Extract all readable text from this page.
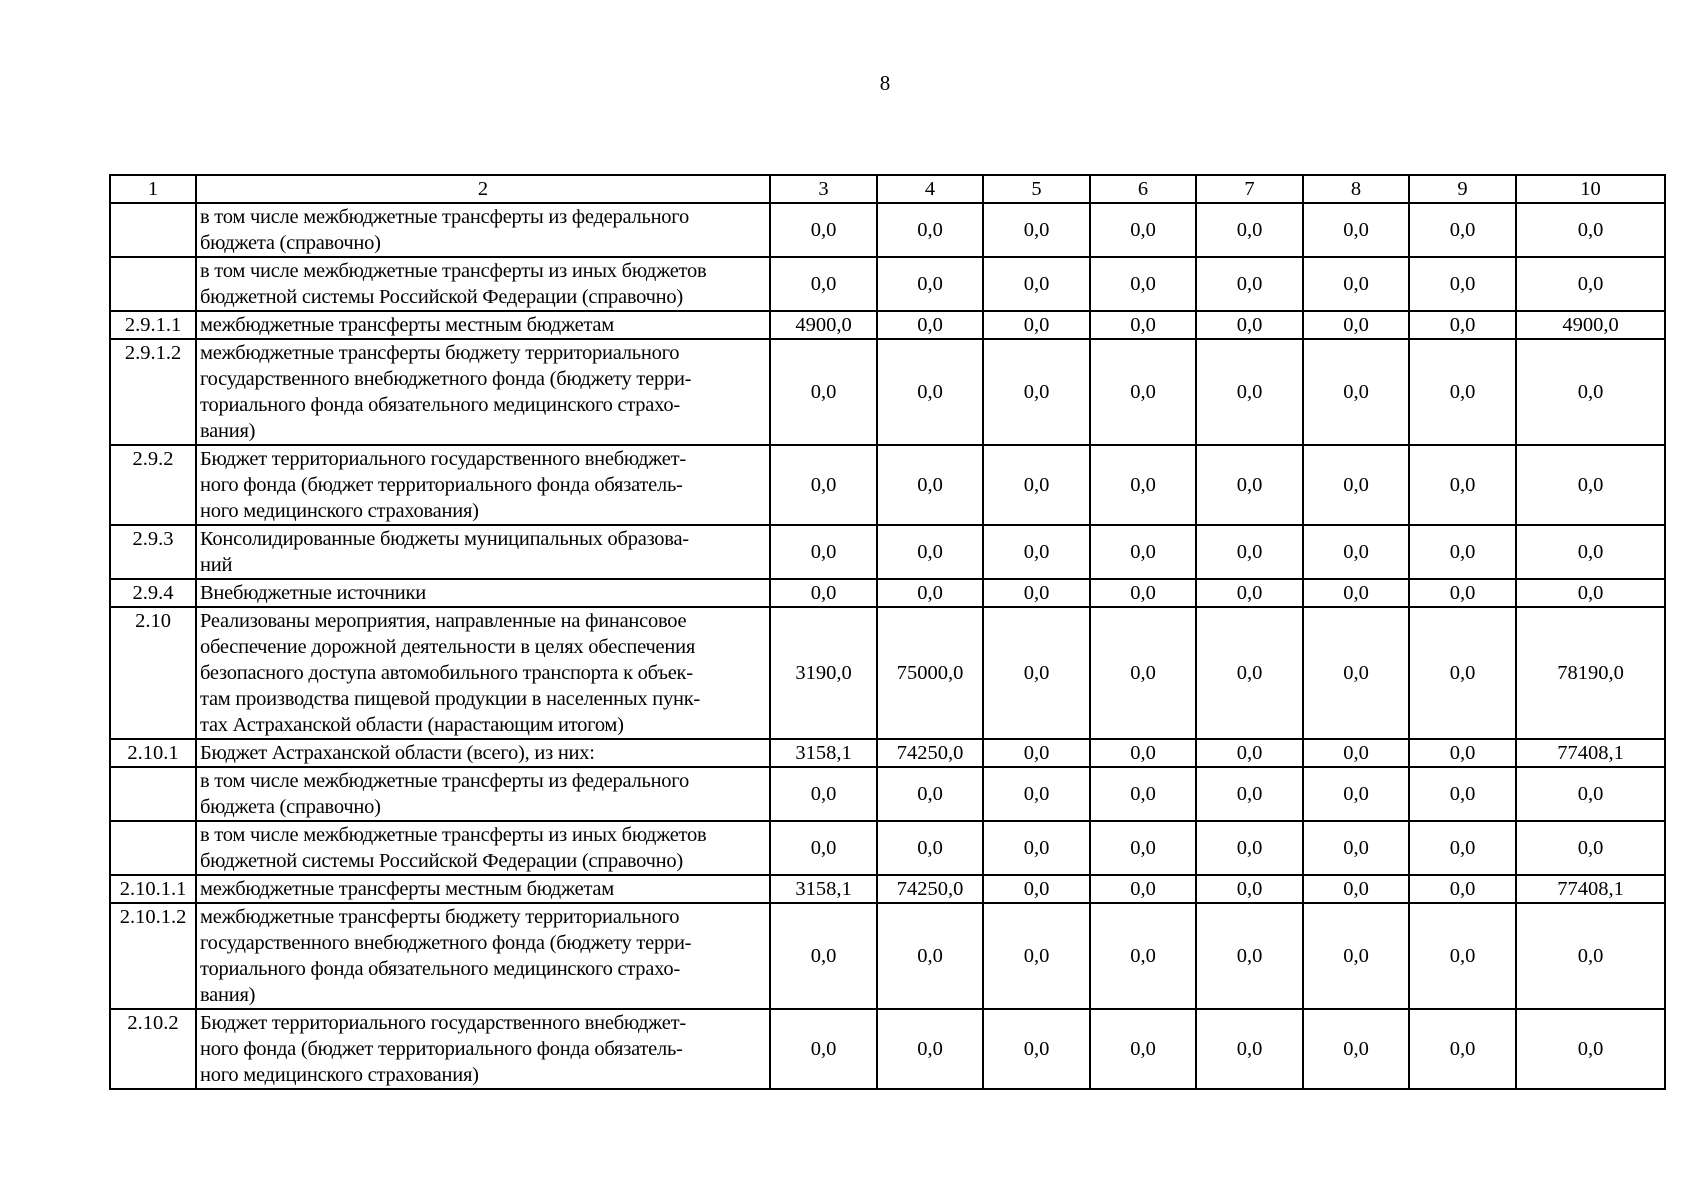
8
1	2	3	4	5	6	7	8	9	10
	в том числе межбюджетные трансферты из федерального
бюджета (справочно)	0,0	0,0	0,0	0,0	0,0	0,0	0,0	0,0
	в том числе межбюджетные трансферты из иных бюджетов
бюджетной системы Российской Федерации (справочно)	0,0	0,0	0,0	0,0	0,0	0,0	0,0	0,0
2.9.1.1	межбюджетные трансферты местным бюджетам	4900,0	0,0	0,0	0,0	0,0	0,0	0,0	4900,0
2.9.1.2	межбюджетные трансферты бюджету территориального
государственного внебюджетного фонда (бюджету терри-
ториального фонда обязательного медицинского страхо-
вания)	0,0	0,0	0,0	0,0	0,0	0,0	0,0	0,0
2.9.2	Бюджет территориального государственного внебюджет-
ного фонда (бюджет территориального фонда обязатель-
ного медицинского страхования)	0,0	0,0	0,0	0,0	0,0	0,0	0,0	0,0
2.9.3	Консолидированные бюджеты муниципальных образова-
ний	0,0	0,0	0,0	0,0	0,0	0,0	0,0	0,0
2.9.4	Внебюджетные источники	0,0	0,0	0,0	0,0	0,0	0,0	0,0	0,0
2.10	Реализованы мероприятия, направленные на финансовое
обеспечение дорожной деятельности в целях обеспечения
безопасного доступа автомобильного транспорта к объек-
там производства пищевой продукции в населенных пунк-
тах Астраханской области (нарастающим итогом)	3190,0	75000,0	0,0	0,0	0,0	0,0	0,0	78190,0
2.10.1	Бюджет Астраханской области (всего), из них:	3158,1	74250,0	0,0	0,0	0,0	0,0	0,0	77408,1
	в том числе межбюджетные трансферты из федерального
бюджета (справочно)	0,0	0,0	0,0	0,0	0,0	0,0	0,0	0,0
	в том числе межбюджетные трансферты из иных бюджетов
бюджетной системы Российской Федерации (справочно)	0,0	0,0	0,0	0,0	0,0	0,0	0,0	0,0
2.10.1.1	межбюджетные трансферты местным бюджетам	3158,1	74250,0	0,0	0,0	0,0	0,0	0,0	77408,1
2.10.1.2	межбюджетные трансферты бюджету территориального
государственного внебюджетного фонда (бюджету терри-
ториального фонда обязательного медицинского страхо-
вания)	0,0	0,0	0,0	0,0	0,0	0,0	0,0	0,0
2.10.2	Бюджет территориального государственного внебюджет-
ного фонда (бюджет территориального фонда обязатель-
ного медицинского страхования)	0,0	0,0	0,0	0,0	0,0	0,0	0,0	0,0
